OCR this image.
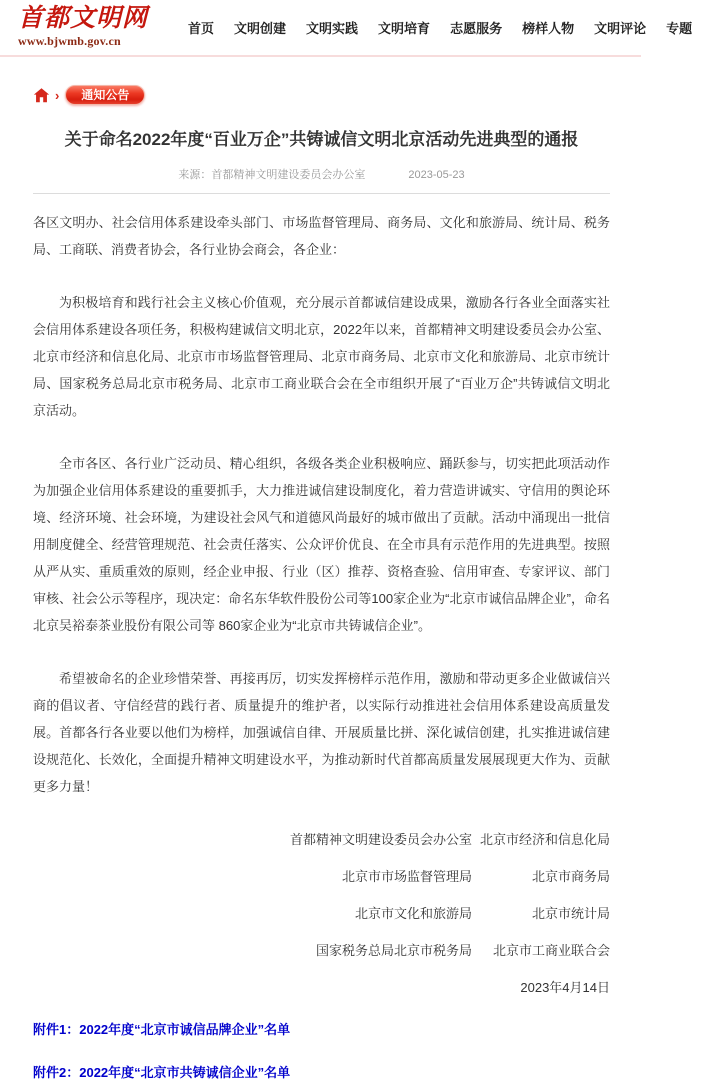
首都文明网
www.bjwmb.gov.cn
首页 文明创建 文明实践 文明培育 志愿服务 榜样人物 文明评论 专题
›	通知公告
关于命名2022年度“百业万企”共铸诚信文明北京活动先进典型的通报
来源：首都精神文明建设委员会办公室	2023-05-23

各区文明办、社会信用体系建设牵头部门、市场监督管理局、商务局、文化和旅游局、统计局、税务局、工商联、消费者协会，各行业协会商会，各企业：

为积极培育和践行社会主义核心价值观，充分展示首都诚信建设成果，激励各行各业全面落实社会信用体系建设各项任务，积极构建诚信文明北京，2022年以来，首都精神文明建设委员会办公室、北京市经济和信息化局、北京市市场监督管理局、北京市商务局、北京市文化和旅游局、北京市统计局、国家税务总局北京市税务局、北京市工商业联合会在全市组织开展了“百业万企”共铸诚信文明北京活动。

全市各区、各行业广泛动员、精心组织，各级各类企业积极响应、踊跃参与，切实把此项活动作为加强企业信用体系建设的重要抓手，大力推进诚信建设制度化，着力营造讲诚实、守信用的舆论环境、经济环境、社会环境，为建设社会风气和道德风尚最好的城市做出了贡献。活动中涌现出一批信用制度健全、经营管理规范、社会责任落实、公众评价优良、在全市具有示范作用的先进典型。按照从严从实、重质重效的原则，经企业申报、行业（区）推荐、资格查验、信用审查、专家评议、部门审核、社会公示等程序，现决定：命名东华软件股份公司等100家企业为“北京市诚信品牌企业”，命名北京吴裕泰茶业股份有限公司等 860家企业为“北京市共铸诚信企业”。

希望被命名的企业珍惜荣誉、再接再厉，切实发挥榜样示范作用，激励和带动更多企业做诚信兴商的倡议者、守信经营的践行者、质量提升的维护者，以实际行动推进社会信用体系建设高质量发展。首都各行各业要以他们为榜样，加强诚信自律、开展质量比拼、深化诚信创建，扎实推进诚信建设规范化、长效化，全面提升精神文明建设水平，为推动新时代首都高质量发展展现更大作为、贡献更多力量！

首都精神文明建设委员会办公室 北京市经济和信息化局
北京市市场监督管理局	北京市商务局
北京市文化和旅游局	北京市统计局
国家税务总局北京市税务局	北京市工商业联合会
2023年4月14日
附件1：2022年度“北京市诚信品牌企业”名单
附件2：2022年度“北京市共铸诚信企业”名单
